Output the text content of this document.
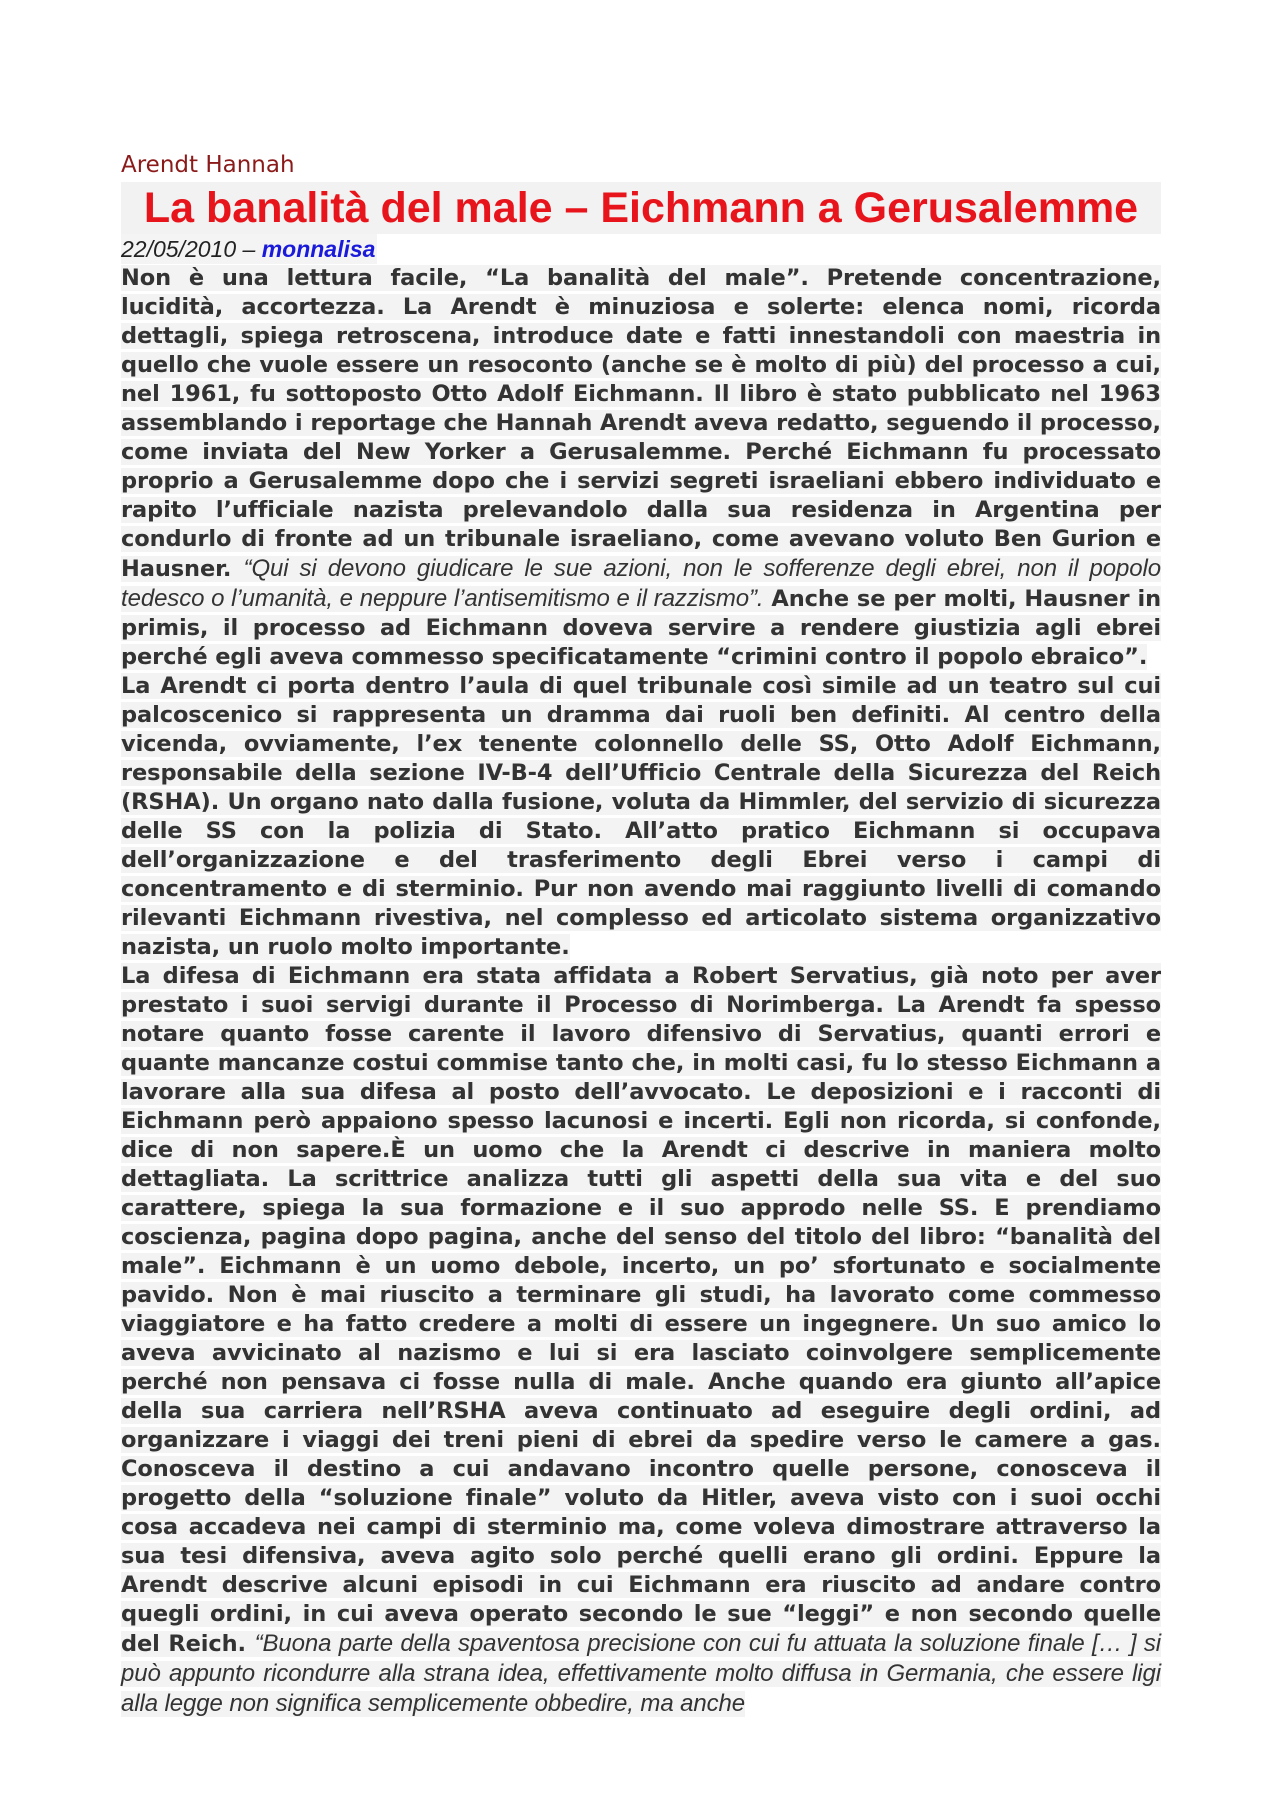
Arendt Hannah

La banalità del male – Eichmann a Gerusalemme

22/05/2010 – monnalisa

Non è una lettura facile, “La banalità del male”. Pretende concentrazione, lucidità, accortezza. La Arendt è minuziosa e solerte: elenca nomi, ricorda dettagli, spiega retroscena, introduce date e fatti innestandoli con maestria in quello che vuole essere un resoconto (anche se è molto di più) del processo a cui, nel 1961, fu sottoposto Otto Adolf Eichmann. Il libro è stato pubblicato nel 1963 assemblando i reportage che Hannah Arendt aveva redatto, seguendo il processo, come inviata del New Yorker a Gerusalemme. Perché Eichmann fu processato proprio a Gerusalemme dopo che i servizi segreti israeliani ebbero individuato e rapito l’ufficiale nazista prelevandolo dalla sua residenza in Argentina per condurlo di fronte ad un tribunale israeliano, come avevano voluto Ben Gurion e Hausner. “Qui si devono giudicare le sue azioni, non le sofferenze degli ebrei, non il popolo tedesco o l’umanità, e neppure l’antisemitismo e il razzismo”. Anche se per molti, Hausner in primis, il processo ad Eichmann doveva servire a rendere giustizia agli ebrei perché egli aveva commesso specificatamente “crimini contro il popolo ebraico”.

La Arendt ci porta dentro l’aula di quel tribunale così simile ad un teatro sul cui palcoscenico si rappresenta un dramma dai ruoli ben definiti. Al centro della vicenda, ovviamente, l’ex tenente colonnello delle SS, Otto Adolf Eichmann, responsabile della sezione IV-B-4 dell’Ufficio Centrale della Sicurezza del Reich (RSHA). Un organo nato dalla fusione, voluta da Himmler, del servizio di sicurezza delle SS con la polizia di Stato. All’atto pratico Eichmann si occupava dell’organizzazione e del trasferimento degli Ebrei verso i campi di concentramento e di sterminio. Pur non avendo mai raggiunto livelli di comando rilevanti Eichmann rivestiva, nel complesso ed articolato sistema organizzativo nazista, un ruolo molto importante.

La difesa di Eichmann era stata affidata a Robert Servatius, già noto per aver prestato i suoi servigi durante il Processo di Norimberga. La Arendt fa spesso notare quanto fosse carente il lavoro difensivo di Servatius, quanti errori e quante mancanze costui commise tanto che, in molti casi, fu lo stesso Eichmann a lavorare alla sua difesa al posto dell’avvocato. Le deposizioni e i racconti di Eichmann però appaiono spesso lacunosi e incerti. Egli non ricorda, si confonde, dice di non sapere.È un uomo che la Arendt ci descrive in maniera molto dettagliata. La scrittrice analizza tutti gli aspetti della sua vita e del suo carattere, spiega la sua formazione e il suo approdo nelle SS. E prendiamo coscienza, pagina dopo pagina, anche del senso del titolo del libro: “banalità del male”. Eichmann è un uomo debole, incerto, un po’ sfortunato e socialmente pavido. Non è mai riuscito a terminare gli studi, ha lavorato come commesso viaggiatore e ha fatto credere a molti di essere un ingegnere. Un suo amico lo aveva avvicinato al nazismo e lui si era lasciato coinvolgere semplicemente perché non pensava ci fosse nulla di male. Anche quando era giunto all’apice della sua carriera nell’RSHA aveva continuato ad eseguire degli ordini, ad organizzare i viaggi dei treni pieni di ebrei da spedire verso le camere a gas. Conosceva il destino a cui andavano incontro quelle persone, conosceva il progetto della “soluzione finale” voluto da Hitler, aveva visto con i suoi occhi cosa accadeva nei campi di sterminio ma, come voleva dimostrare attraverso la sua tesi difensiva, aveva agito solo perché quelli erano gli ordini. Eppure la Arendt descrive alcuni episodi in cui Eichmann era riuscito ad andare contro quegli ordini, in cui aveva operato secondo le sue “leggi” e non secondo quelle del Reich. “Buona parte della spaventosa precisione con cui fu attuata la soluzione finale [… ] si può appunto ricondurre alla strana idea, effettivamente molto diffusa in Germania, che essere ligi alla legge non significa semplicemente obbedire, ma anche
